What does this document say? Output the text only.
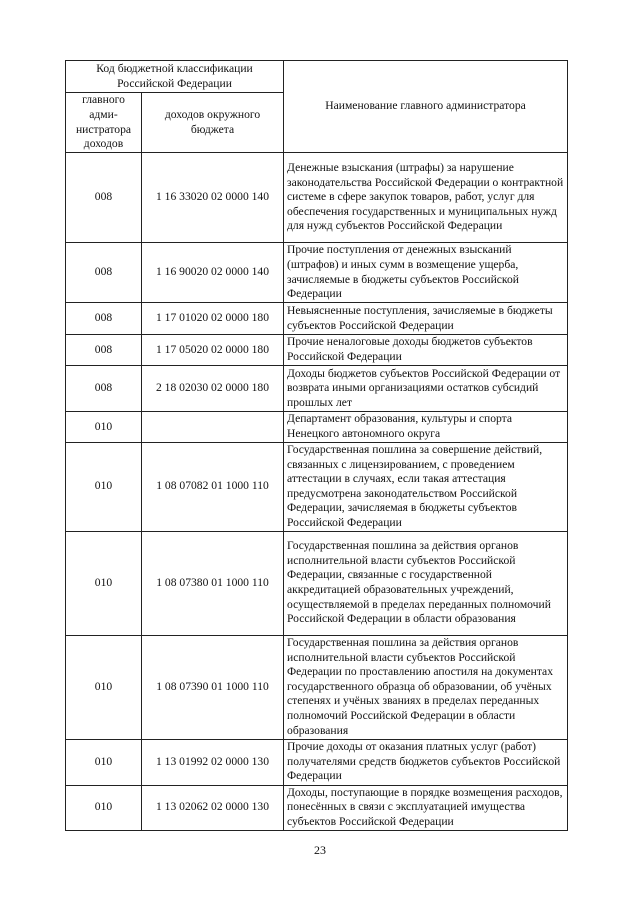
Код бюджетной классификации Российской Федерации		Наименование главного администратора
главного адми-нистратора доходов	доходов окружного бюджета	
008	1 16 33020 02 0000 140	Денежные взыскания (штрафы) за нарушение законодательства Российской Федерации о контрактной системе в сфере закупок товаров, работ, услуг для обеспечения государственных и муниципальных нужд для нужд субъектов Российской Федерации
008	1 16 90020 02 0000 140	Прочие поступления от денежных взысканий (штрафов) и иных сумм в возмещение ущерба, зачисляемые в бюджеты субъектов Российской Федерации
008	1 17 01020 02 0000 180	Невыясненные поступления, зачисляемые в бюджеты субъектов Российской Федерации
008	1 17 05020 02 0000 180	Прочие неналоговые доходы бюджетов субъектов Российской Федерации
008	2 18 02030 02 0000 180	Доходы бюджетов субъектов Российской Федерации от возврата иными организациями остатков субсидий прошлых лет
010		Департамент образования, культуры и спорта Ненецкого автономного округа
010	1 08 07082 01 1000 110	Государственная пошлина за совершение действий, связанных с лицензированием, с проведением аттестации в случаях, если такая аттестация предусмотрена законодательством Российской Федерации, зачисляемая в бюджеты субъектов Российской Федерации
010	1 08 07380 01 1000 110	Государственная пошлина за действия органов исполнительной власти субъектов Российской Федерации, связанные с государственной аккредитацией образовательных учреждений, осуществляемой в пределах переданных полномочий Российской Федерации в области образования
010	1 08 07390 01 1000 110	Государственная пошлина за действия органов исполнительной власти субъектов Российской Федерации по проставлению апостиля на документах государственного образца об образовании, об учёных степенях и учёных званиях в пределах переданных полномочий Российской Федерации в области образования
010	1 13 01992 02 0000 130	Прочие доходы от оказания платных услуг (работ) получателями средств бюджетов субъектов Российской Федерации
010	1 13 02062 02 0000 130	Доходы, поступающие в порядке возмещения расходов, понесённых в связи с эксплуатацией имущества субъектов Российской Федерации
23
